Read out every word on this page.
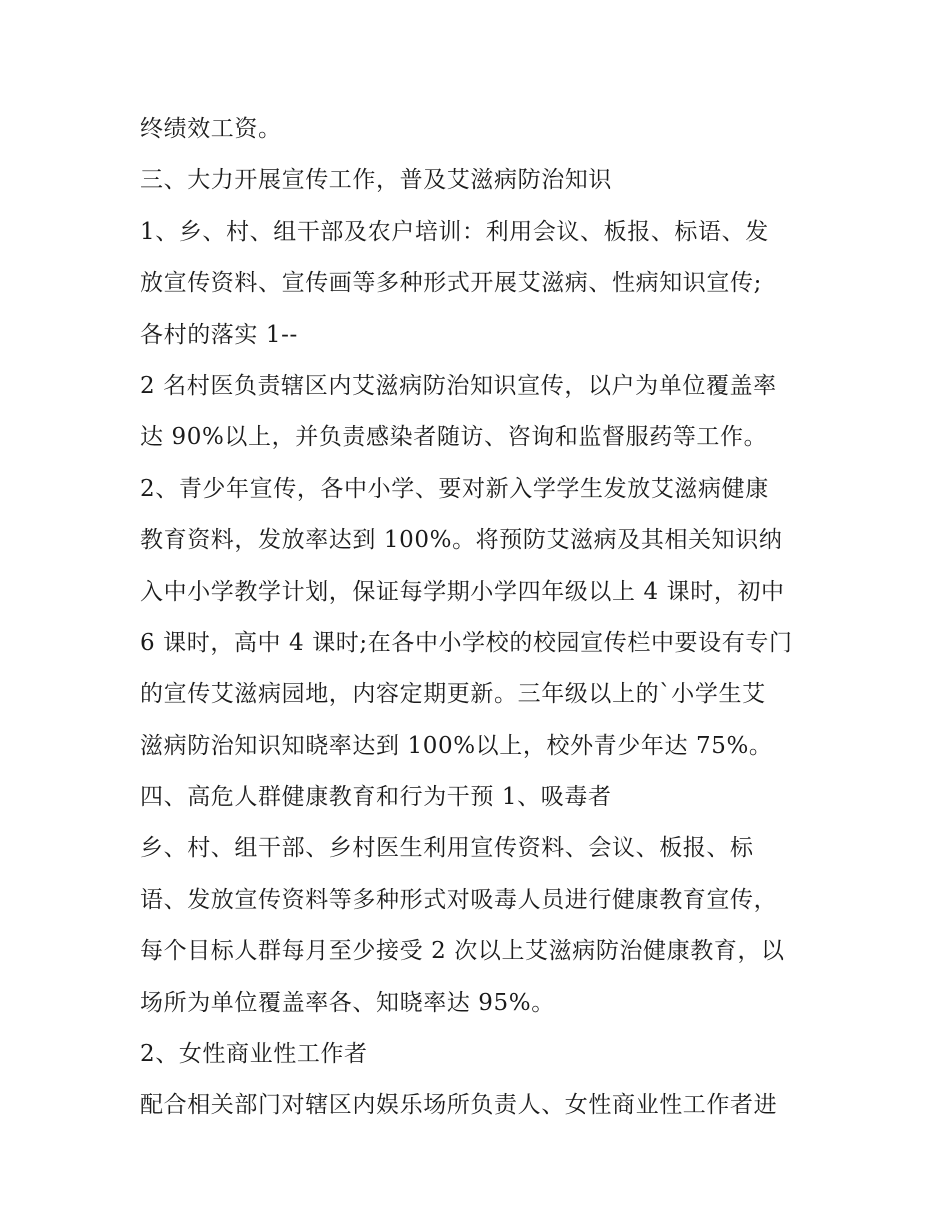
终绩效工资。
三、大力开展宣传工作，普及艾滋病防治知识
1、乡、村、组干部及农户培训：利用会议、板报、标语、发
放宣传资料、宣传画等多种形式开展艾滋病、性病知识宣传;
各村的落实 1--
2 名村医负责辖区内艾滋病防治知识宣传，以户为单位覆盖率
达 90%以上，并负责感染者随访、咨询和监督服药等工作。
2、青少年宣传，各中小学、要对新入学学生发放艾滋病健康
教育资料，发放率达到 100%。将预防艾滋病及其相关知识纳
入中小学教学计划，保证每学期小学四年级以上 4 课时，初中
6 课时，高中 4 课时;在各中小学校的校园宣传栏中要设有专门
的宣传艾滋病园地，内容定期更新。三年级以上的`小学生艾
滋病防治知识知晓率达到 100%以上，校外青少年达 75%。
四、高危人群健康教育和行为干预 1、吸毒者
乡、村、组干部、乡村医生利用宣传资料、会议、板报、标
语、发放宣传资料等多种形式对吸毒人员进行健康教育宣传，
每个目标人群每月至少接受 2 次以上艾滋病防治健康教育，以
场所为单位覆盖率各、知晓率达 95%。
2、女性商业性工作者
配合相关部门对辖区内娱乐场所负责人、女性商业性工作者进
